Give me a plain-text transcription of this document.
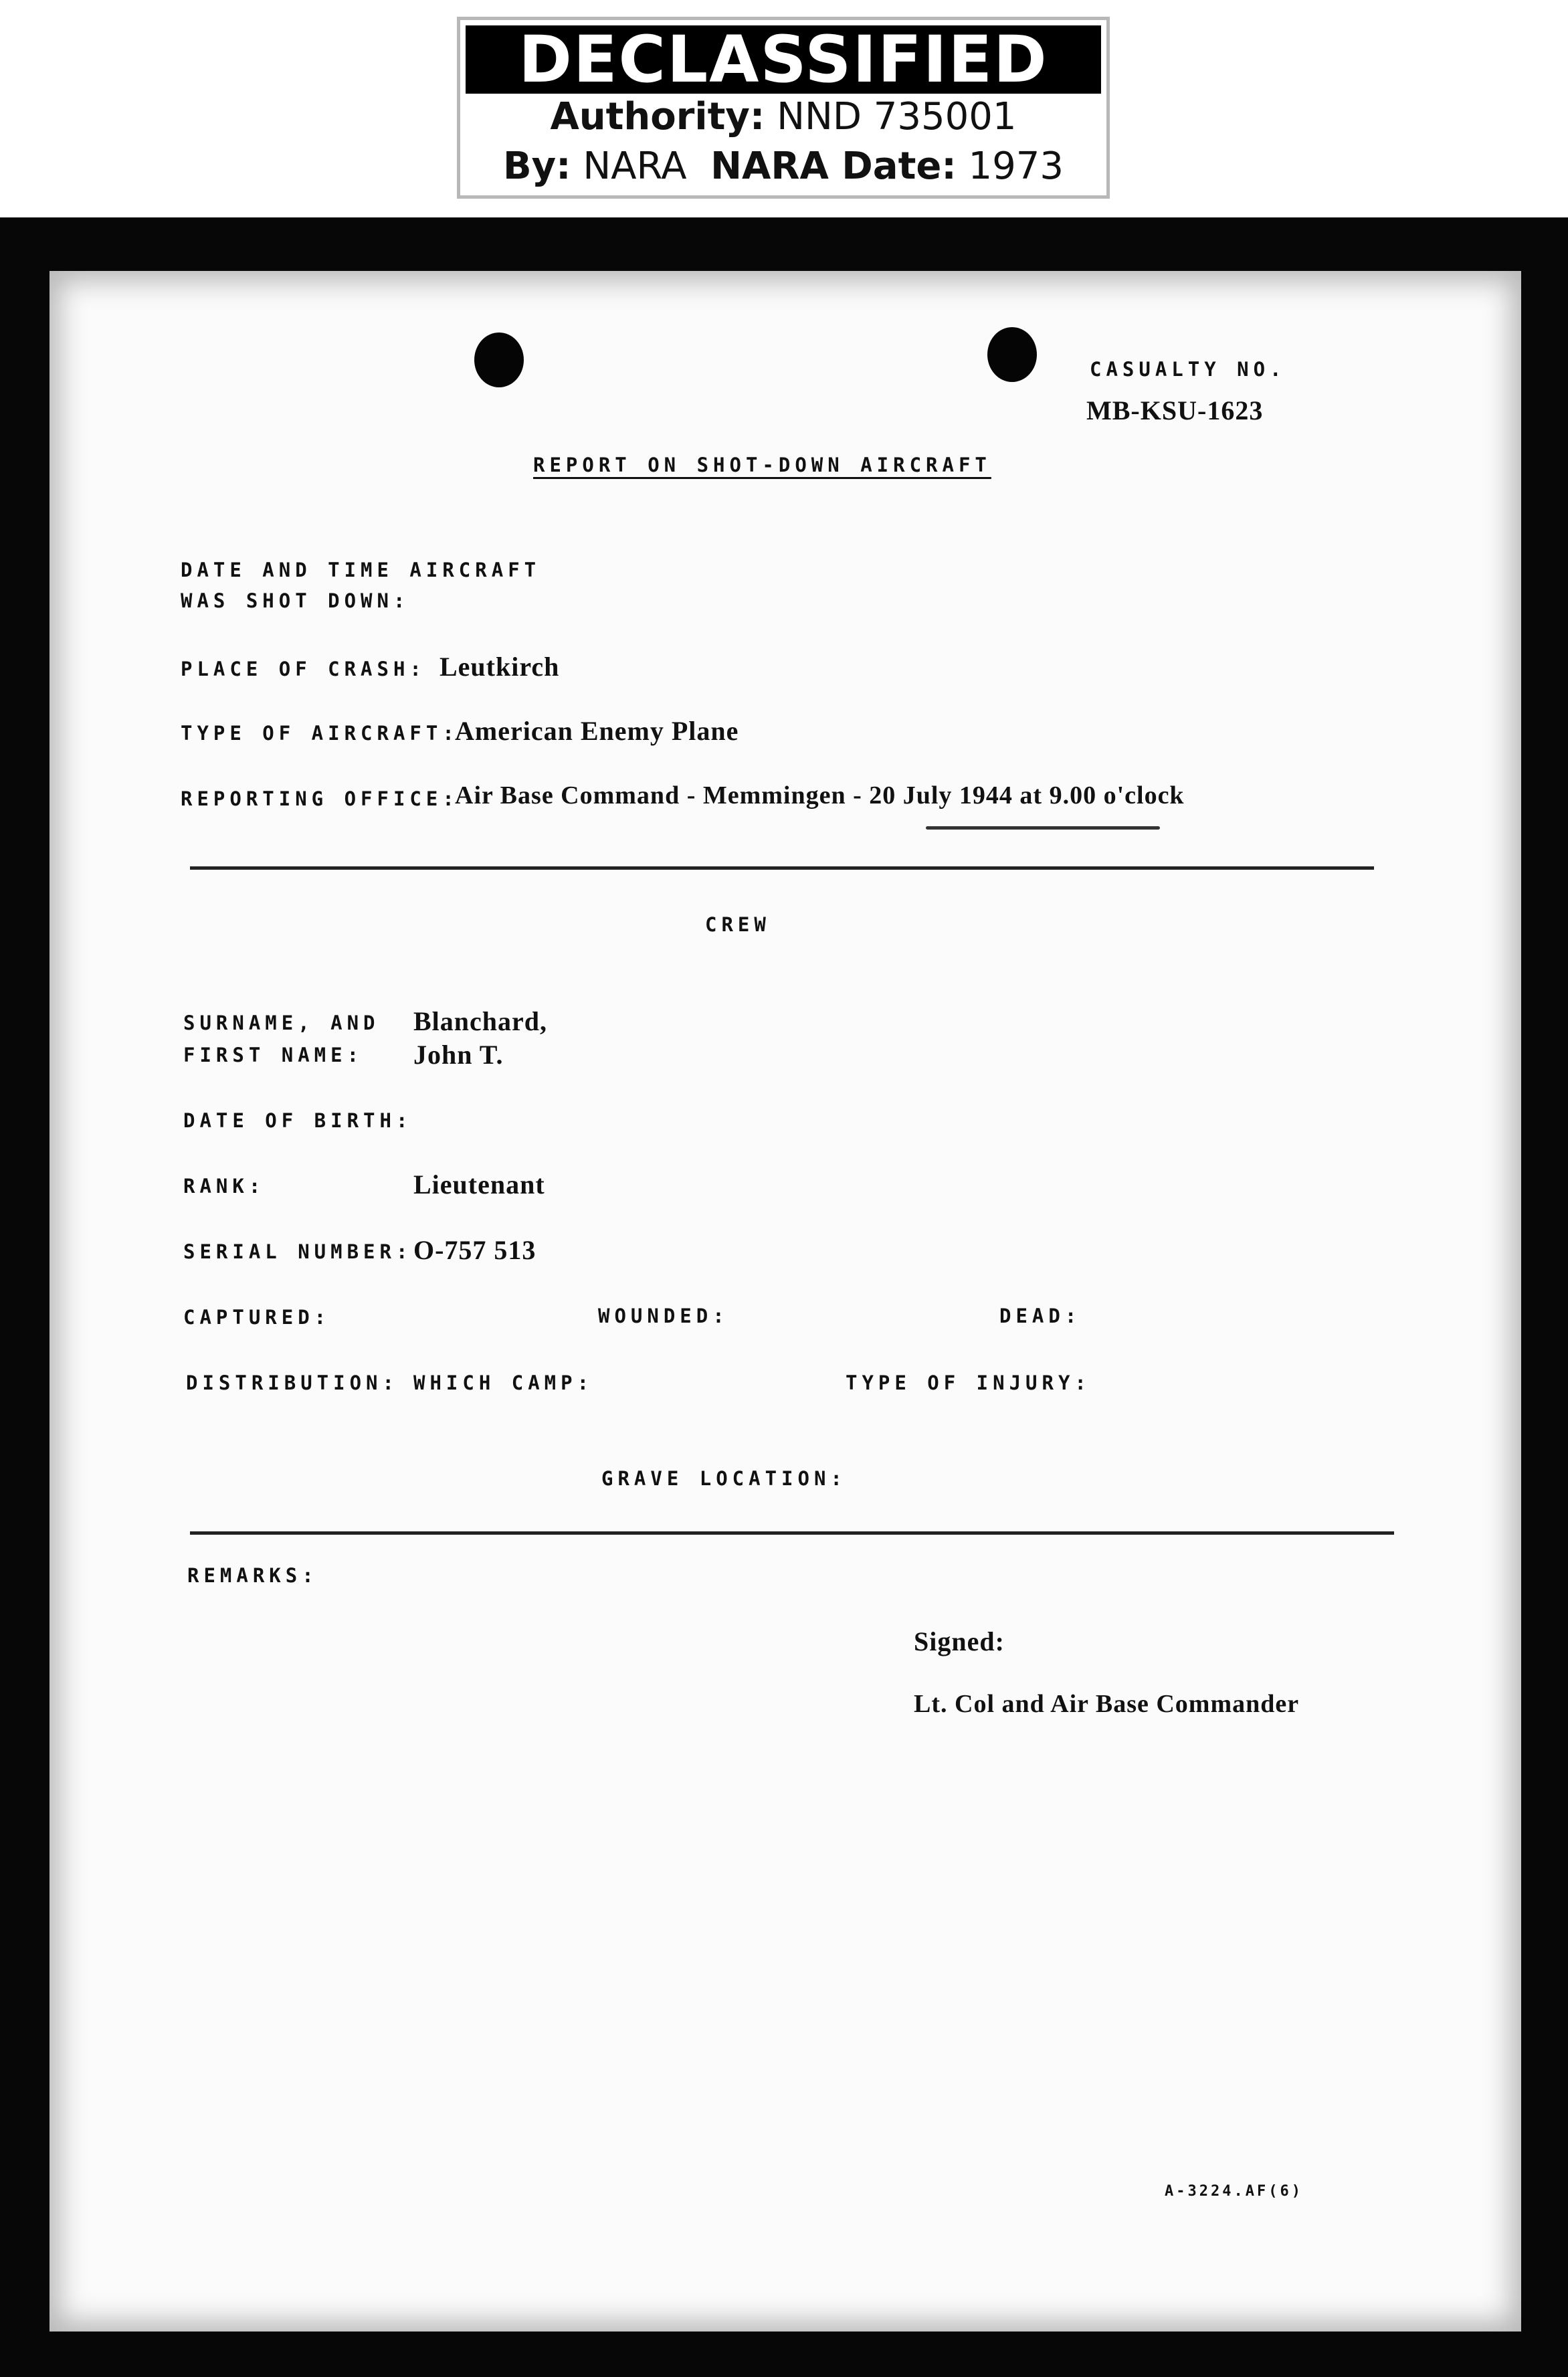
DECLASSIFIED
Authority: NND 735001
By: NARA NARA Date: 1973
CASUALTY NO.
MB-KSU-1623
REPORT ON SHOT-DOWN AIRCRAFT
DATE AND TIME AIRCRAFT
WAS SHOT DOWN:
PLACE OF CRASH: Leutkirch
TYPE OF AIRCRAFT:
American Enemy Plane
REPORTING OFFICE:
Air Base Command - Memmingen - 20 July 1944 at 9.00 o'clock
CREW
SURNAME, AND
FIRST NAME:
Blanchard,
John T.
DATE OF BIRTH:
RANK:	Lieutenant
SERIAL NUMBER: O-757 513
CAPTURED:	WOUNDED:	DEAD:
DISTRIBUTION: WHICH CAMP:	TYPE OF INJURY:
GRAVE LOCATION:
REMARKS:
Signed:
Lt. Col and Air Base Commander
A-3224.AF(6)
